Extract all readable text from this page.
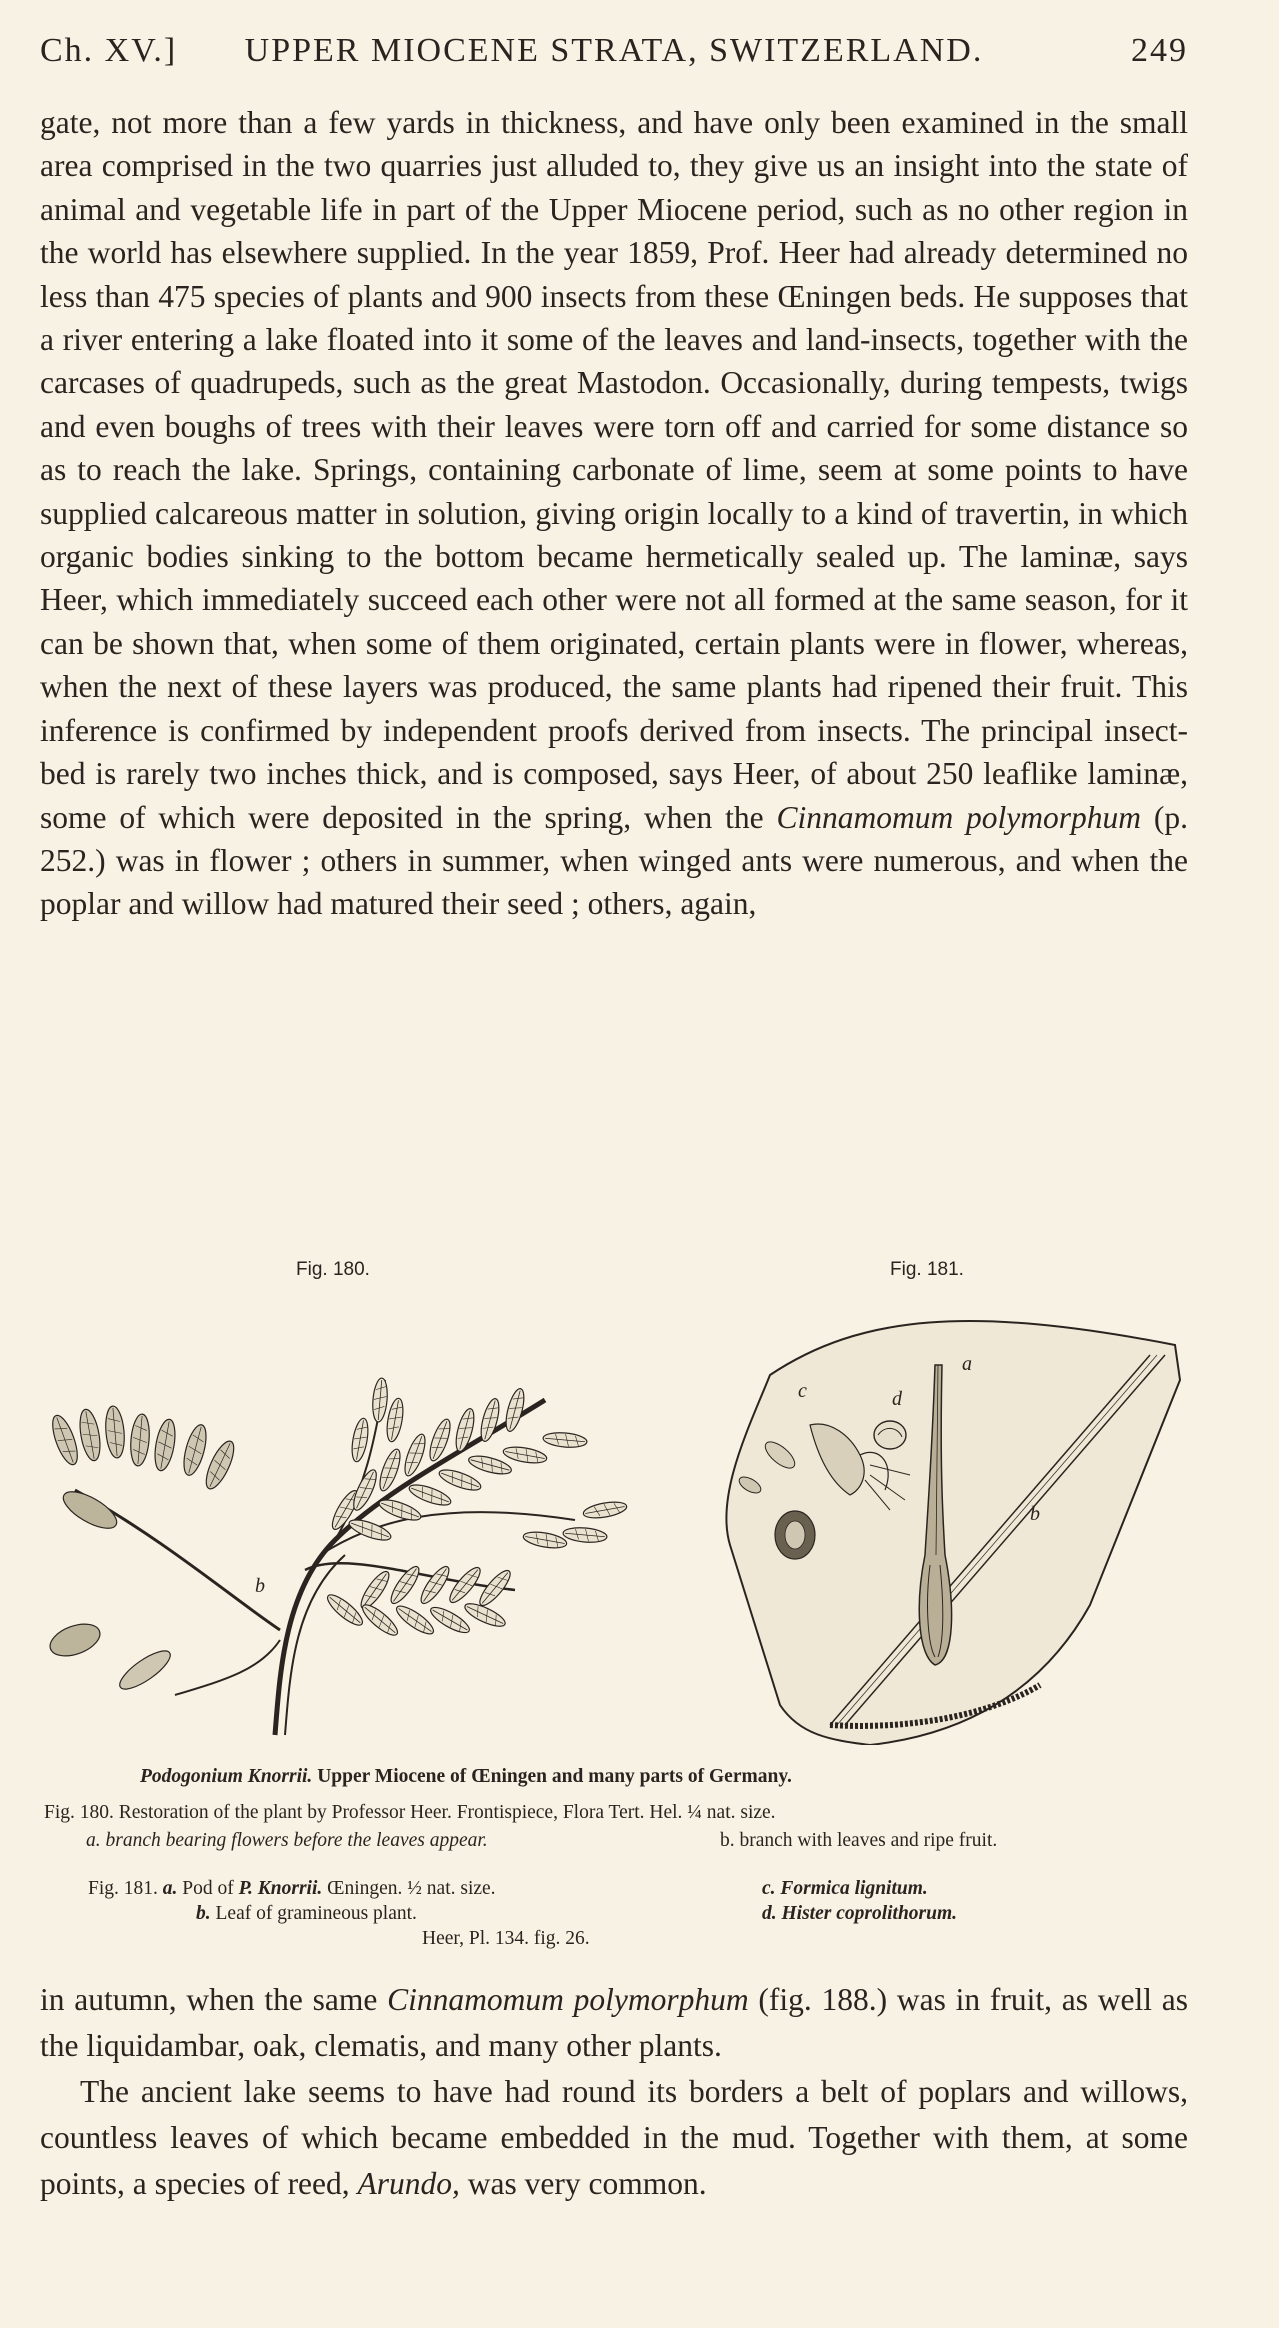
Ch. XV.]	UPPER MIOCENE STRATA, SWITZERLAND.	249

gate, not more than a few yards in thickness, and have only been examined in the small area comprised in the two quarries just alluded to, they give us an insight into the state of animal and vegetable life in part of the Upper Miocene period, such as no other region in the world has elsewhere supplied. In the year 1859, Prof. Heer had already determined no less than 475 species of plants and 900 insects from these Œningen beds. He supposes that a river entering a lake floated into it some of the leaves and land-insects, together with the carcases of quadrupeds, such as the great Mastodon. Occasionally, during tempests, twigs and even boughs of trees with their leaves were torn off and carried for some distance so as to reach the lake. Springs, containing carbonate of lime, seem at some points to have supplied calcareous matter in solution, giving origin locally to a kind of travertin, in which organic bodies sinking to the bottom became hermetically sealed up. The laminæ, says Heer, which immediately succeed each other were not all formed at the same season, for it can be shown that, when some of them originated, certain plants were in flower, whereas, when the next of these layers was produced, the same plants had ripened their fruit. This inference is confirmed by independent proofs derived from insects. The principal insect-bed is rarely two inches thick, and is composed, says Heer, of about 250 leaflike laminæ, some of which were deposited in the spring, when the Cinnamomum polymorphum (p. 252.) was in flower ; others in summer, when winged ants were numerous, and when the poplar and willow had matured their seed ; others, again,

Fig. 180.	Fig. 181.
b
a
b
c	d
Podogonium Knorrii. Upper Miocene of Œningen and many parts of Germany.
Fig. 180. Restoration of the plant by Professor Heer. Frontispiece, Flora Tert. Hel. ¼ nat. size.
a. branch bearing flowers before the leaves appear.	b. branch with leaves and ripe fruit.
Fig. 181. a. Pod of P. Knorrii. Œningen. ½ nat. size.	c. Formica lignitum.
b. Leaf of gramineous plant.	d. Hister coprolithorum.
Heer, Pl. 134. fig. 26.

in autumn, when the same Cinnamomum polymorphum (fig. 188.) was in fruit, as well as the liquidambar, oak, clematis, and many other plants.

The ancient lake seems to have had round its borders a belt of poplars and willows, countless leaves of which became embedded in the mud. Together with them, at some points, a species of reed, Arundo, was very common.
